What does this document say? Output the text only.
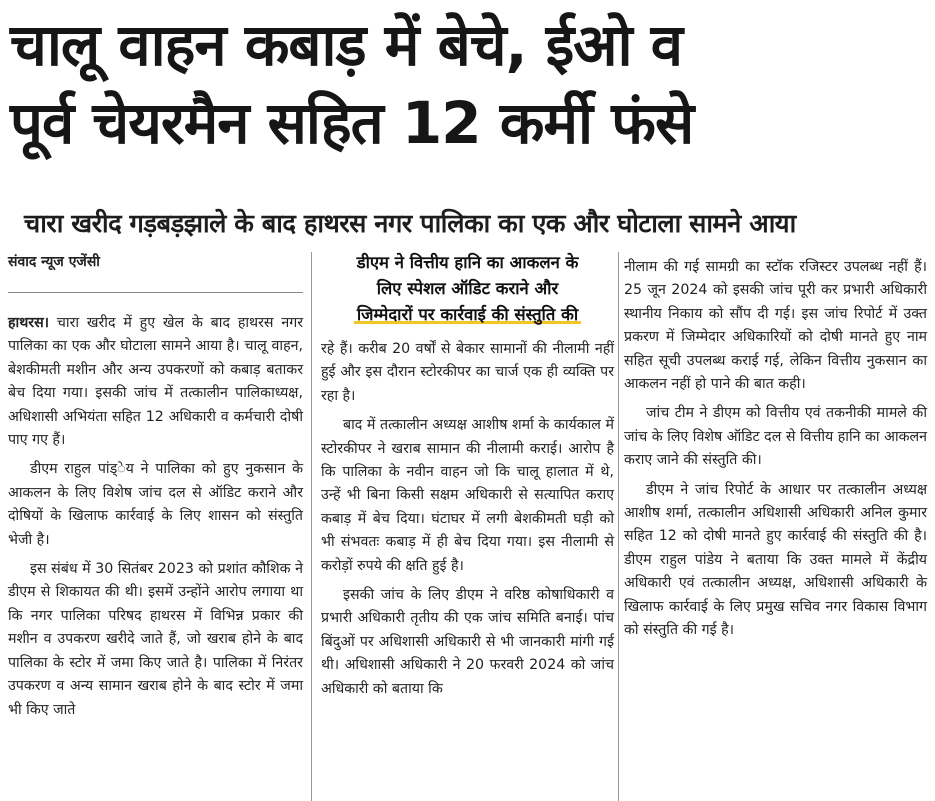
चालू वाहन कबाड़ में बेचे, ईओ व
पूर्व चेयरमैन सहित 12 कर्मी फंसे
चारा खरीद गड़बड़झाले के बाद हाथरस नगर पालिका का एक और घोटाला सामने आया
संवाद न्यूज एजेंसी

हाथरस। चारा खरीद में हुए खेल के बाद हाथरस नगर पालिका का एक और घोटाला सामने आया है। चालू वाहन, बेशकीमती मशीन और अन्य उपकरणों को कबाड़ बताकर बेच दिया गया। इसकी जांच में तत्कालीन पालिकाध्यक्ष, अधिशासी अभियंता सहित 12 अधिकारी व कर्मचारी दोषी पाए गए हैं।

डीएम राहुल पांड्ेय ने पालिका को हुए नुकसान के आकलन के लिए विशेष जांच दल से ऑडिट कराने और दोषियों के खिलाफ कार्रवाई के लिए शासन को संस्तुति भेजी है।

इस संबंध में 30 सितंबर 2023 को प्रशांत कौशिक ने डीएम से शिकायत की थी। इसमें उन्होंने आरोप लगाया था कि नगर पालिका परिषद हाथरस में विभिन्न प्रकार की मशीन व उपकरण खरीदे जाते हैं, जो खराब होने के बाद पालिका के स्टोर में जमा किए जाते है। पालिका में निरंतर उपकरण व अन्य सामान खराब होने के बाद स्टोर में जमा भी किए जाते

डीएम ने वित्तीय हानि का आकलन के
लिए स्पेशल ऑडिट कराने और
जिम्मेदारों पर कार्रवाई की संस्तुति की

रहे हैं। करीब 20 वर्षों से बेकार सामानों की नीलामी नहीं हुई और इस दौरान स्टोरकीपर का चार्ज एक ही व्यक्ति पर रहा है।

बाद में तत्कालीन अध्यक्ष आशीष शर्मा के कार्यकाल में स्टोरकीपर ने खराब सामान की नीलामी कराई। आरोप है कि पालिका के नवीन वाहन जो कि चालू हालात में थे, उन्हें भी बिना किसी सक्षम अधिकारी से सत्यापित कराए कबाड़ में बेच दिया। घंटाघर में लगी बेशकीमती घड़ी को भी संभवतः कबाड़ में ही बेच दिया गया। इस नीलामी से करोड़ों रुपये की क्षति हुई है।

इसकी जांच के लिए डीएम ने वरिष्ठ कोषाधिकारी व प्रभारी अधिकारी तृतीय की एक जांच समिति बनाई। पांच बिंदुओं पर अधिशासी अधिकारी से भी जानकारी मांगी गई थी। अधिशासी अधिकारी ने 20 फरवरी 2024 को जांच अधिकारी को बताया कि

नीलाम की गई सामग्री का स्टॉक रजिस्टर उपलब्ध नहीं हैं। 25 जून 2024 को इसकी जांच पूरी कर प्रभारी अधिकारी स्थानीय निकाय को सौंप दी गई। इस जांच रिपोर्ट में उक्त प्रकरण में जिम्मेदार अधिकारियों को दोषी मानते हुए नाम सहित सूची उपलब्ध कराई गई, लेकिन वित्तीय नुकसान का आकलन नहीं हो पाने की बात कही।

जांच टीम ने डीएम को वित्तीय एवं तकनीकी मामले की जांच के लिए विशेष ऑडिट दल से वित्तीय हानि का आकलन कराए जाने की संस्तुति की।

डीएम ने जांच रिपोर्ट के आधार पर तत्कालीन अध्यक्ष आशीष शर्मा, तत्कालीन अधिशासी अधिकारी अनिल कुमार सहित 12 को दोषी मानते हुए कार्रवाई की संस्तुति की है। डीएम राहुल पांडेय ने बताया कि उक्त मामले में केंद्रीय अधिकारी एवं तत्कालीन अध्यक्ष, अधिशासी अधिकारी के खिलाफ कार्रवाई के लिए प्रमुख सचिव नगर विकास विभाग को संस्तुति की गई है।
